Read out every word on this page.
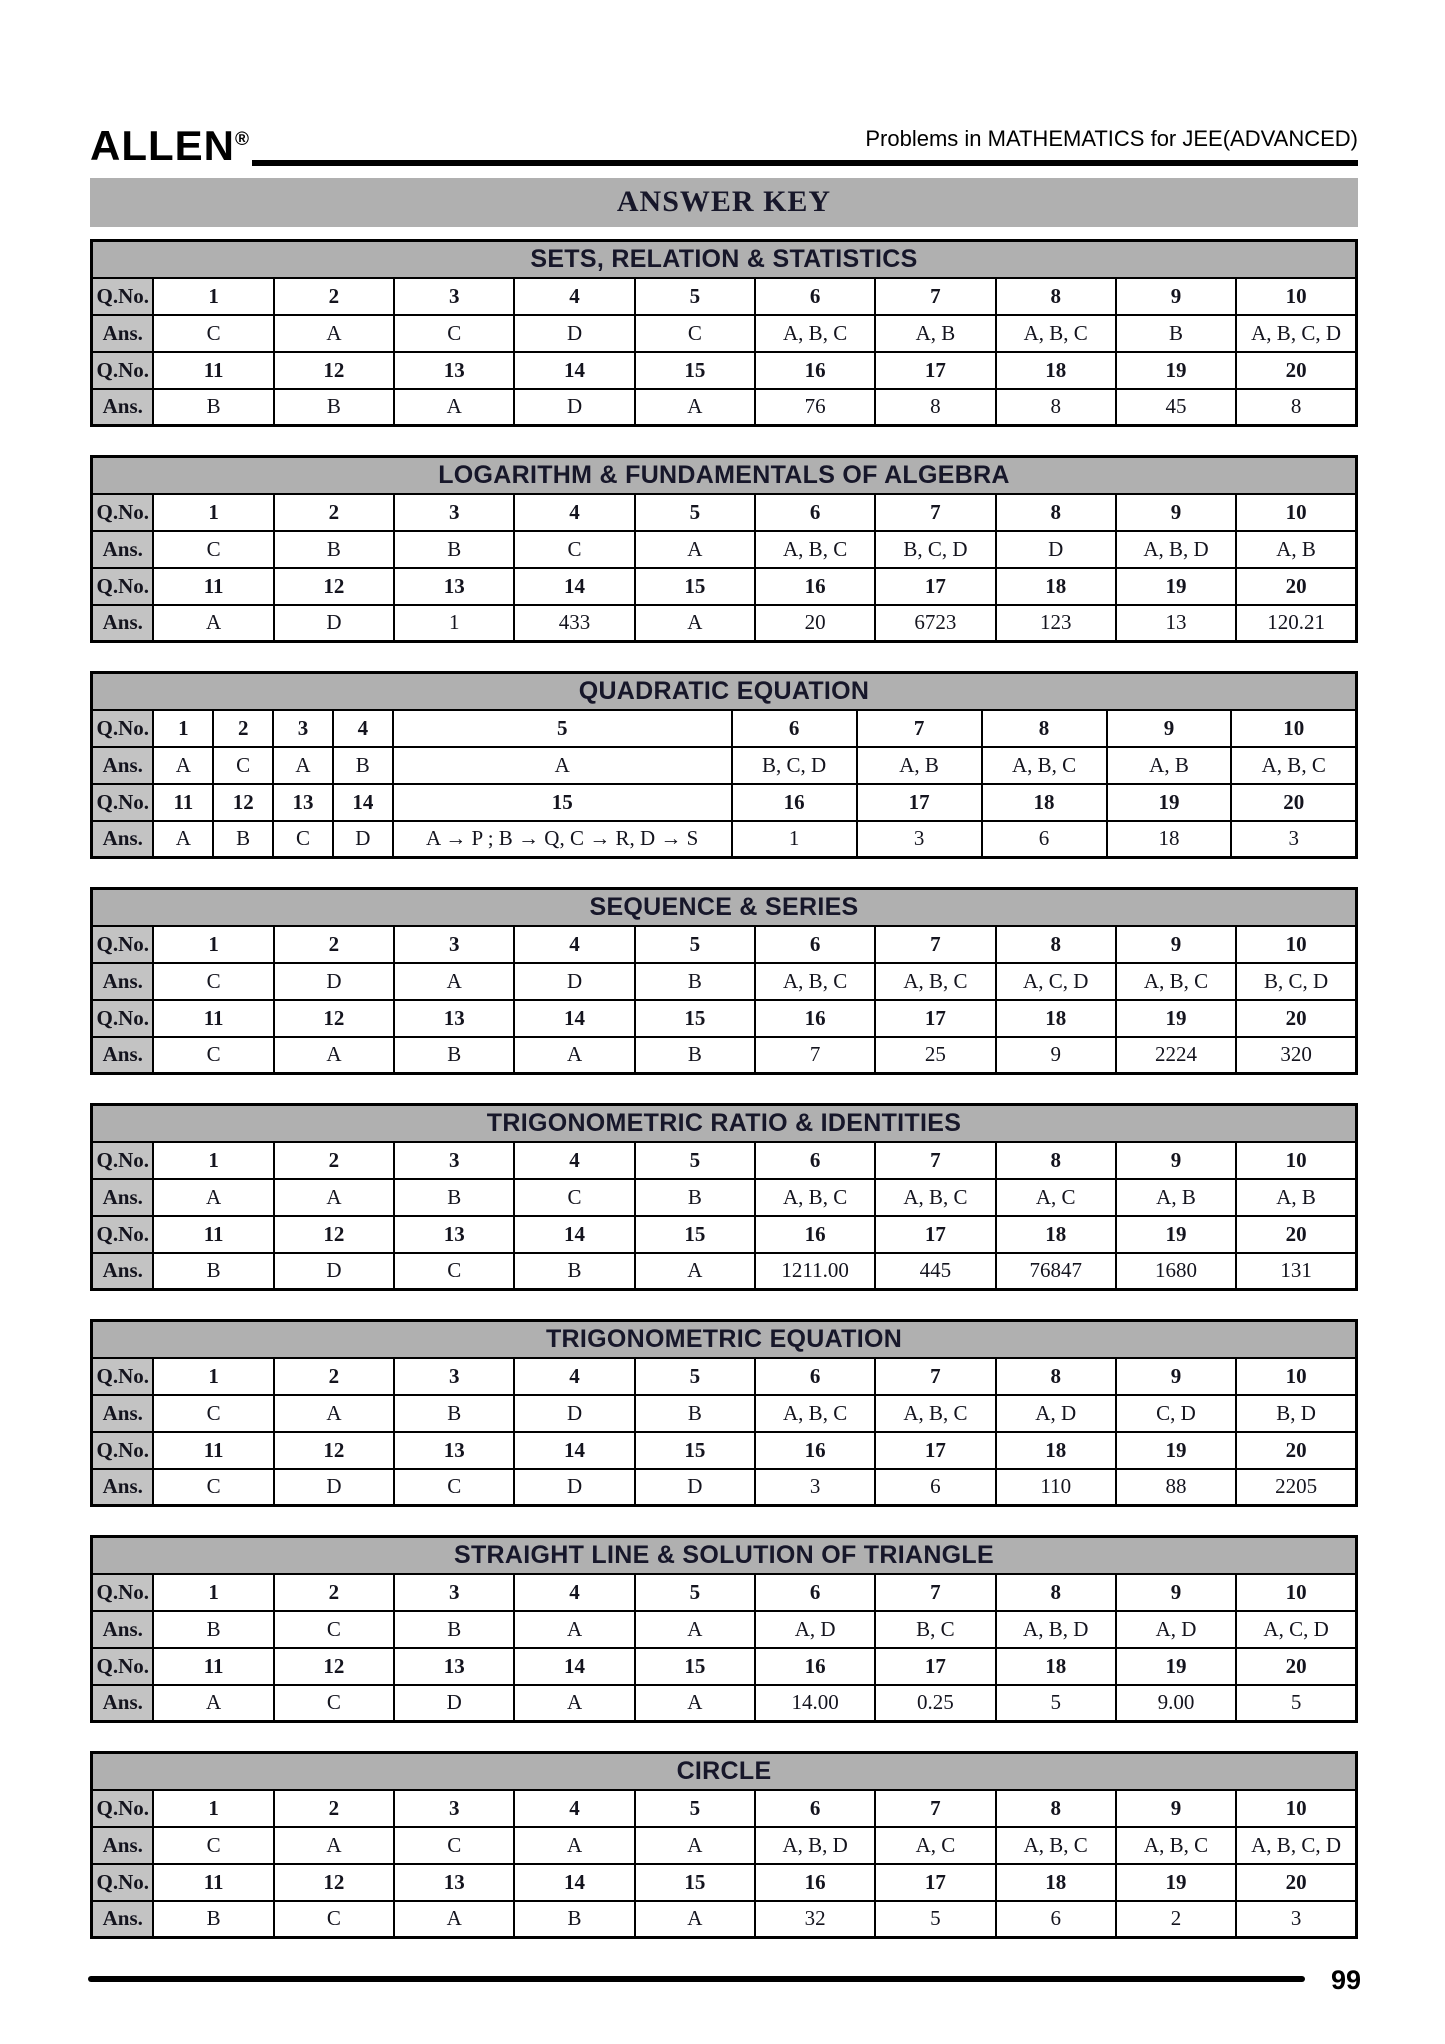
ALLEN®	Problems in MATHEMATICS for JEE(ADVANCED)
ANSWER KEY
SETS, RELATION & STATISTICS										
Q.No.	1	2	3	4	5	6	7	8	9	10
Ans.	C	A	C	D	C	A, B, C	A, B	A, B, C	B	A, B, C, D
Q.No.	11	12	13	14	15	16	17	18	19	20
Ans.	B	B	A	D	A	76	8	8	45	8
LOGARITHM & FUNDAMENTALS OF ALGEBRA										
Q.No.	1	2	3	4	5	6	7	8	9	10
Ans.	C	B	B	C	A	A, B, C	B, C, D	D	A, B, D	A, B
Q.No.	11	12	13	14	15	16	17	18	19	20
Ans.	A	D	1	433	A	20	6723	123	13	120.21
QUADRATIC EQUATION										
Q.No.	1	2	3	4	5	6	7	8	9	10
Ans.	A	C	A	B	A	B, C, D	A, B	A, B, C	A, B	A, B, C
Q.No.	11	12	13	14	15	16	17	18	19	20
Ans.	A	B	C	D	A → P ; B → Q, C → R, D → S	1	3	6	18	3
SEQUENCE & SERIES										
Q.No.	1	2	3	4	5	6	7	8	9	10
Ans.	C	D	A	D	B	A, B, C	A, B, C	A, C, D	A, B, C	B, C, D
Q.No.	11	12	13	14	15	16	17	18	19	20
Ans.	C	A	B	A	B	7	25	9	2224	320
TRIGONOMETRIC RATIO & IDENTITIES										
Q.No.	1	2	3	4	5	6	7	8	9	10
Ans.	A	A	B	C	B	A, B, C	A, B, C	A, C	A, B	A, B
Q.No.	11	12	13	14	15	16	17	18	19	20
Ans.	B	D	C	B	A	1211.00	445	76847	1680	131
TRIGONOMETRIC EQUATION										
Q.No.	1	2	3	4	5	6	7	8	9	10
Ans.	C	A	B	D	B	A, B, C	A, B, C	A, D	C, D	B, D
Q.No.	11	12	13	14	15	16	17	18	19	20
Ans.	C	D	C	D	D	3	6	110	88	2205
STRAIGHT LINE & SOLUTION OF TRIANGLE										
Q.No.	1	2	3	4	5	6	7	8	9	10
Ans.	B	C	B	A	A	A, D	B, C	A, B, D	A, D	A, C, D
Q.No.	11	12	13	14	15	16	17	18	19	20
Ans.	A	C	D	A	A	14.00	0.25	5	9.00	5
CIRCLE										
Q.No.	1	2	3	4	5	6	7	8	9	10
Ans.	C	A	C	A	A	A, B, D	A, C	A, B, C	A, B, C	A, B, C, D
Q.No.	11	12	13	14	15	16	17	18	19	20
Ans.	B	C	A	B	A	32	5	6	2	3
99
